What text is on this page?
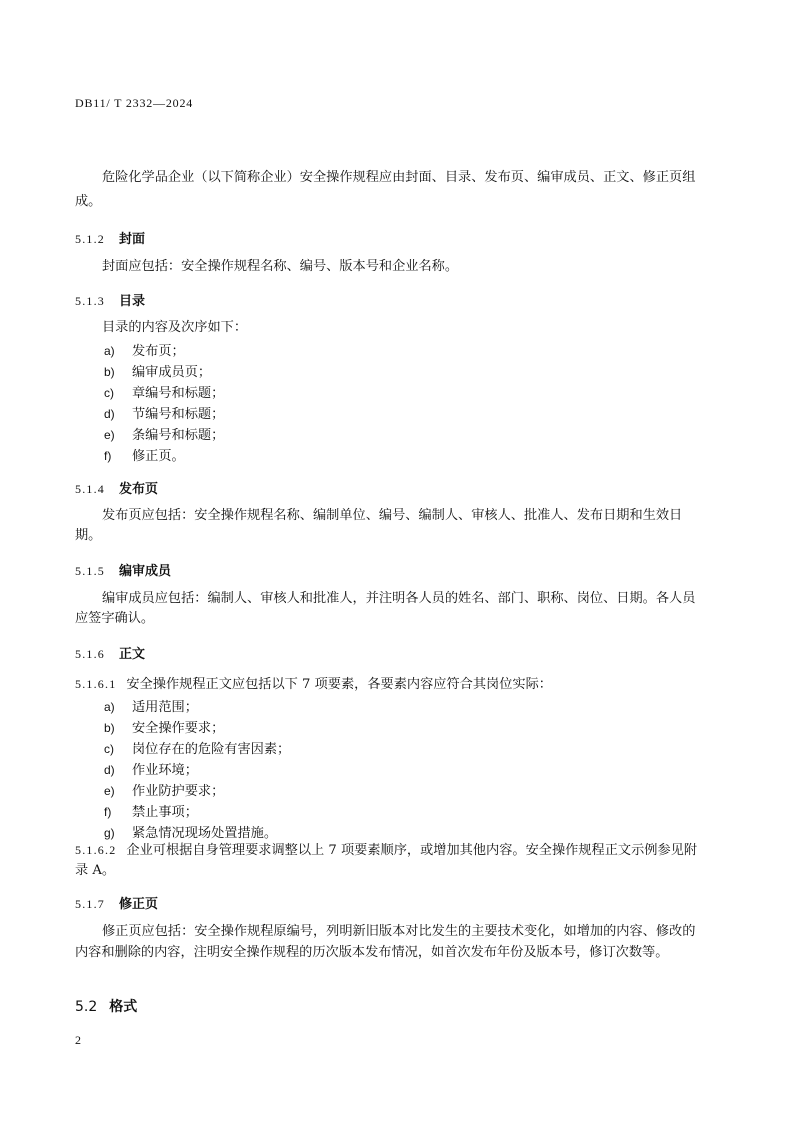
DB11/ T 2332—2024
危险化学品企业（以下简称企业）安全操作规程应由封面、目录、发布页、编审成员、正文、修正页组成。
5.1.2 封面
封面应包括：安全操作规程名称、编号、版本号和企业名称。
5.1.3 目录
目录的内容及次序如下：
a) 发布页；
b) 编审成员页；
c) 章编号和标题；
d) 节编号和标题；
e) 条编号和标题；
f) 修正页。
5.1.4 发布页
发布页应包括：安全操作规程名称、编制单位、编号、编制人、审核人、批准人、发布日期和生效日期。
5.1.5 编审成员
编审成员应包括：编制人、审核人和批准人，并注明各人员的姓名、部门、职称、岗位、日期。各人员应签字确认。
5.1.6 正文
5.1.6.1 安全操作规程正文应包括以下 7 项要素，各要素内容应符合其岗位实际：
a) 适用范围；
b) 安全操作要求；
c) 岗位存在的危险有害因素；
d) 作业环境；
e) 作业防护要求；
f) 禁止事项；
g) 紧急情况现场处置措施。
5.1.6.2 企业可根据自身管理要求调整以上 7 项要素顺序，或增加其他内容。安全操作规程正文示例参见附录 A。
5.1.7 修正页
修正页应包括：安全操作规程原编号，列明新旧版本对比发生的主要技术变化，如增加的内容、修改的内容和删除的内容，注明安全操作规程的历次版本发布情况，如首次发布年份及版本号，修订次数等。
5.2 格式
2
